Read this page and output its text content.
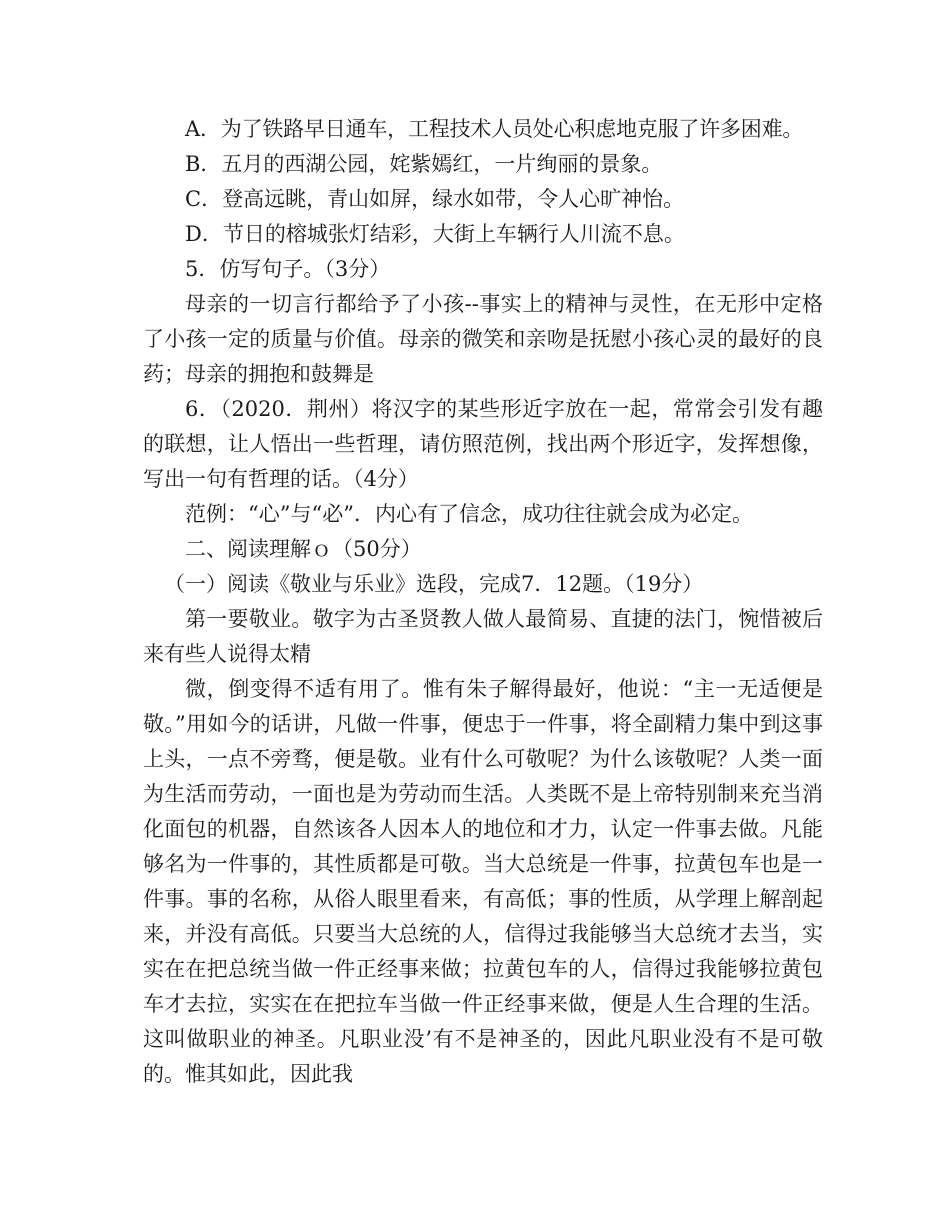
A．为了铁路早日通车，工程技术人员处心积虑地克服了许多困难。

B．五月的西湖公园，姹紫嫣红，一片绚丽的景象。

C．登高远眺，青山如屏，绿水如带，令人心旷神怡。

D．节日的榕城张灯结彩，大街上车辆行人川流不息。

5．仿写句子。（3分）

母亲的一切言行都给予了小孩--事实上的精神与灵性，在无形中定格了小孩一定的质量与价值。母亲的微笑和亲吻是抚慰小孩心灵的最好的良药；母亲的拥抱和鼓舞是

6．（2020．荆州）将汉字的某些形近字放在一起，常常会引发有趣的联想，让人悟出一些哲理，请仿照范例，找出两个形近字，发挥想像，写出一句有哲理的话。（4分）

范例：“心”与“必”．内心有了信念，成功往往就会成为必定。

二、阅读理解ｏ（50分）

（一）阅读《敬业与乐业》选段，完成7．12题。（19分）

第一要敬业。敬字为古圣贤教人做人最简易、直捷的法门，惋惜被后来有些人说得太精

微，倒变得不适有用了。惟有朱子解得最好，他说：“主一无适便是敬。”用如今的话讲，凡做一件事，便忠于一件事，将全副精力集中到这事上头，一点不旁骛，便是敬。业有什么可敬呢？为什么该敬呢？人类一面为生活而劳动，一面也是为劳动而生活。人类既不是上帝特别制来充当消化面包的机器，自然该各人因本人的地位和才力，认定一件事去做。凡能够名为一件事的，其性质都是可敬。当大总统是一件事，拉黄包车也是一件事。事的名称，从俗人眼里看来，有高低；事的性质，从学理上解剖起来，并没有高低。只要当大总统的人，信得过我能够当大总统才去当，实实在在把总统当做一件正经事来做；拉黄包车的人，信得过我能够拉黄包车才去拉，实实在在把拉车当做一件正经事来做，便是人生合理的生活。这叫做职业的神圣。凡职业没’有不是神圣的，因此凡职业没有不是可敬的。惟其如此，因此我
